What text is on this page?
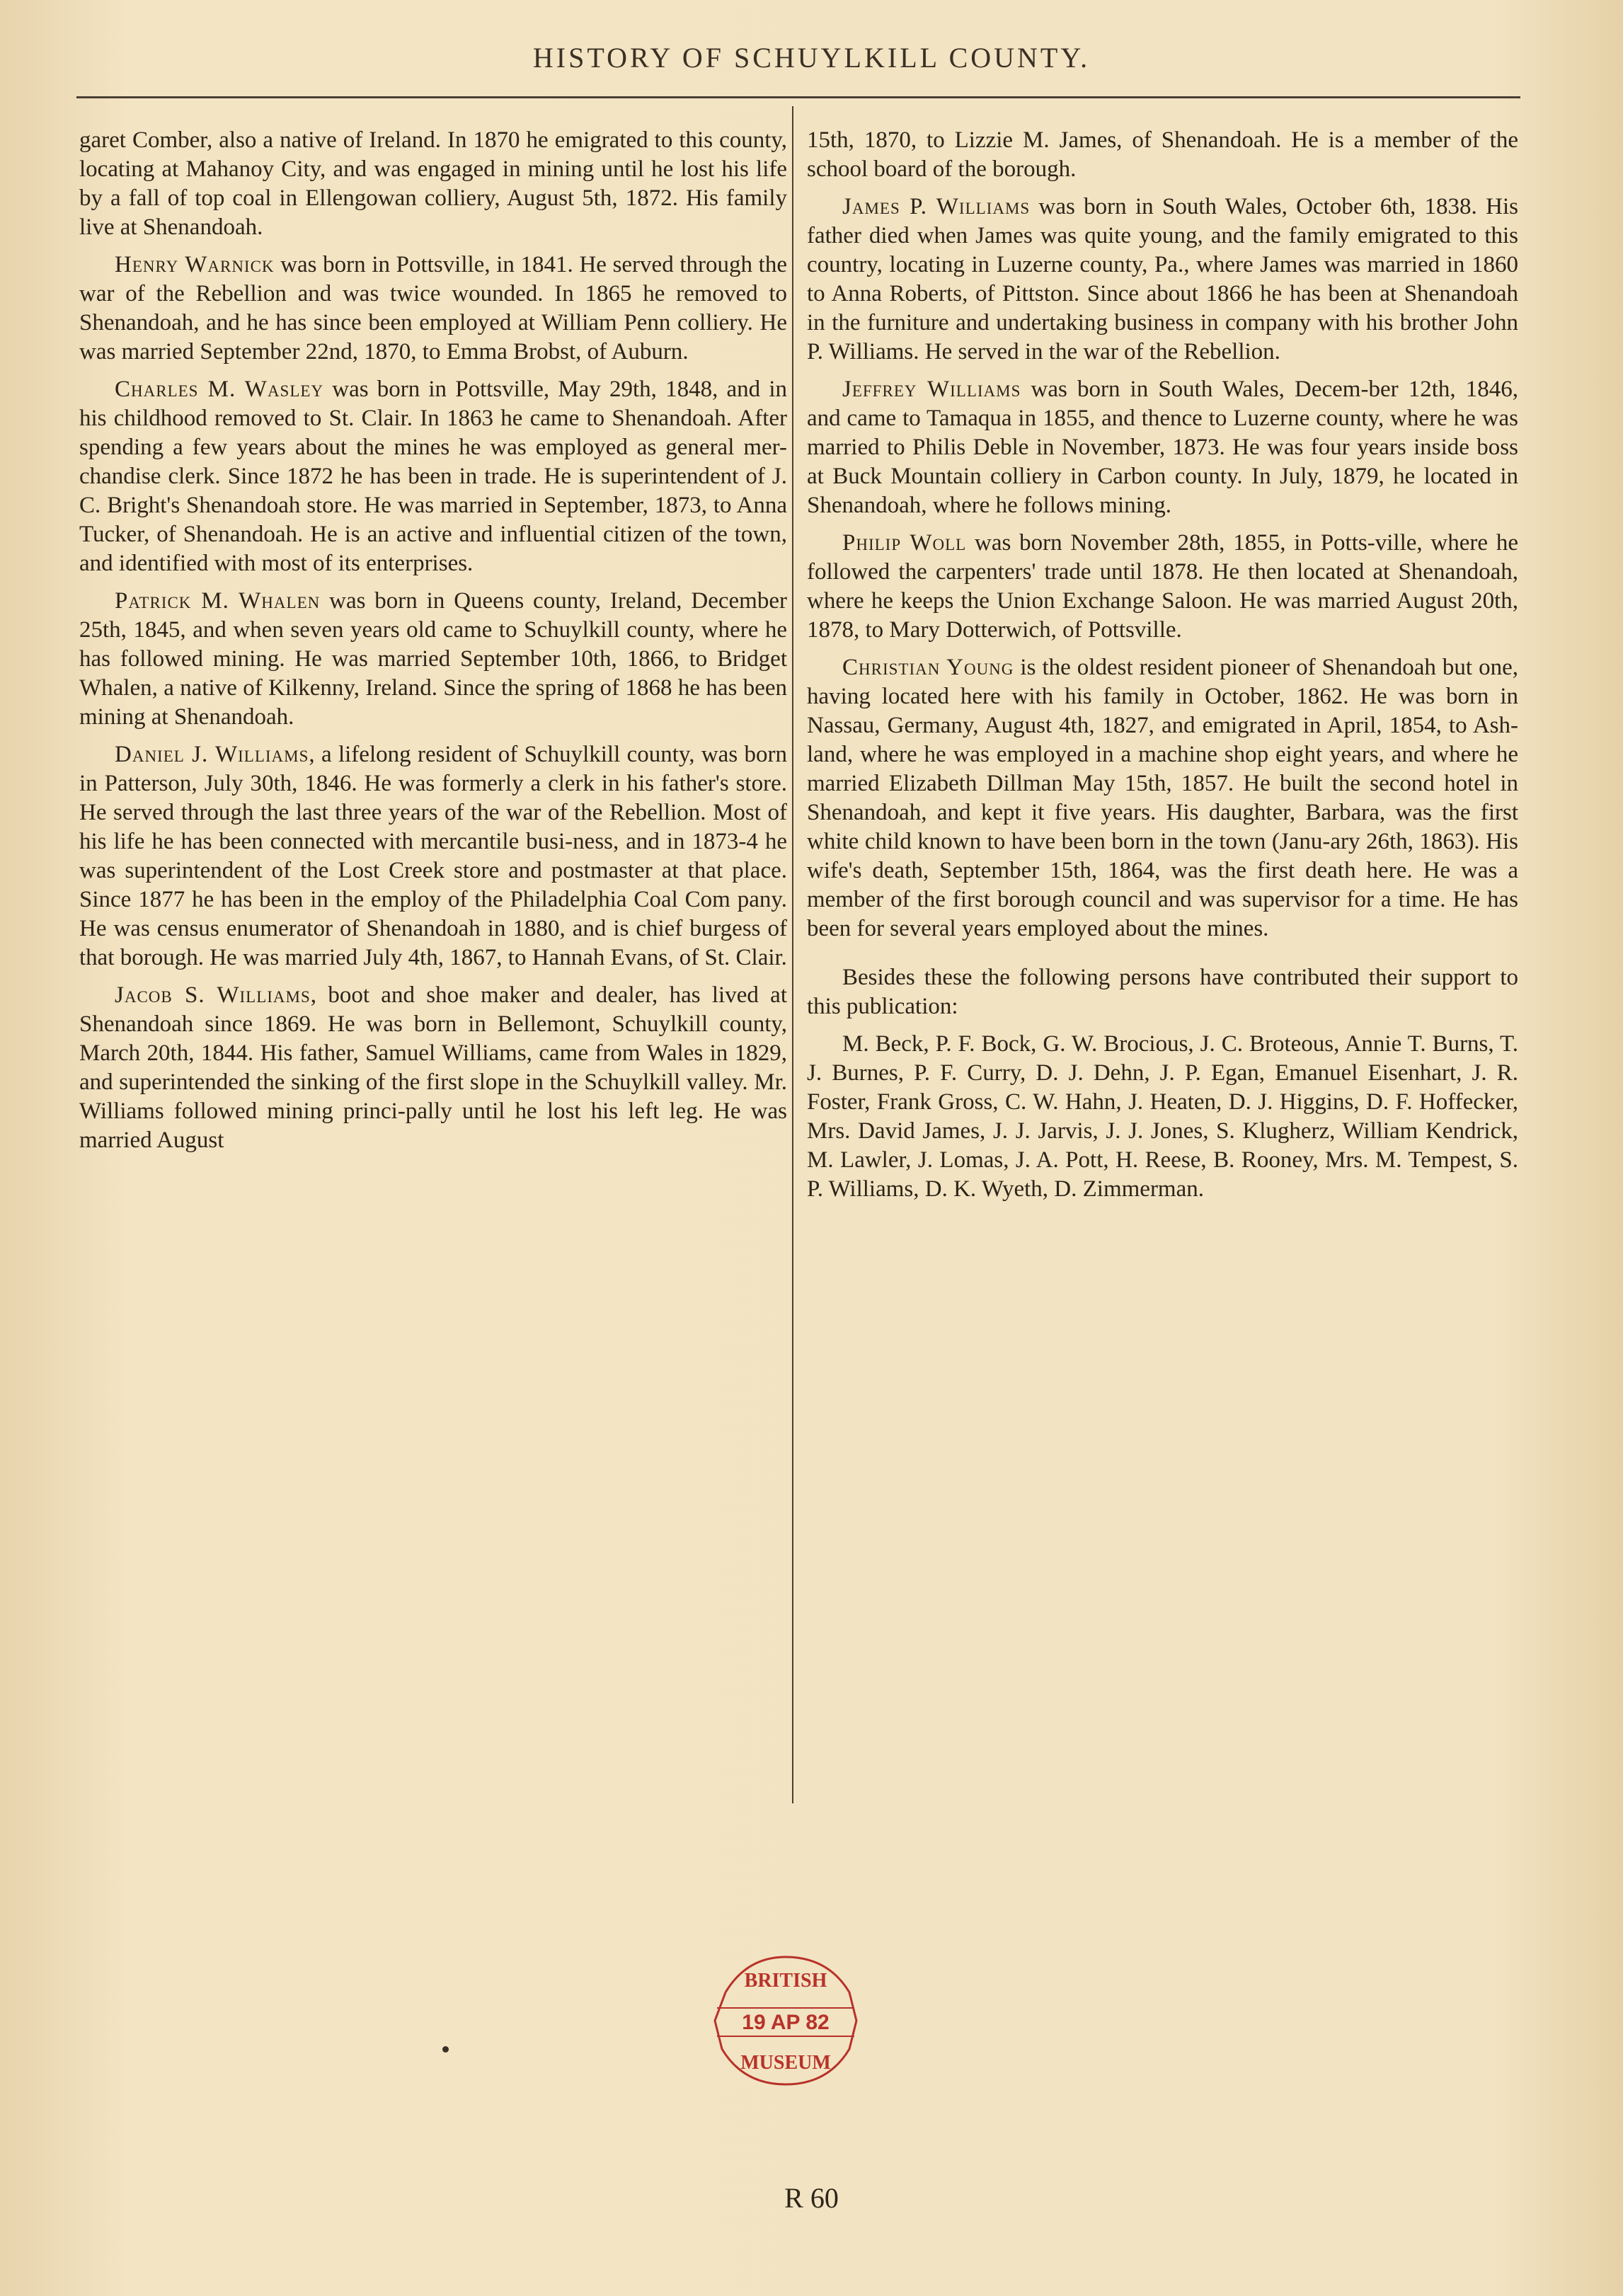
HISTORY OF SCHUYLKILL COUNTY.

garet Comber, also a native of Ireland. In 1870 he emigrated to this county, locating at Mahanoy City, and was engaged in mining until he lost his life by a fall of top coal in Ellengowan colliery, August 5th, 1872. His family live at Shenandoah.

Henry Warnick was born in Pottsville, in 1841. He served through the war of the Rebellion and was twice wounded. In 1865 he removed to Shenandoah, and he has since been employed at William Penn colliery. He was married September 22nd, 1870, to Emma Brobst, of Auburn.

Charles M. Wasley was born in Pottsville, May 29th, 1848, and in his childhood removed to St. Clair. In 1863 he came to Shenandoah. After spending a few years about the mines he was employed as general mer-chandise clerk. Since 1872 he has been in trade. He is superintendent of J. C. Bright's Shenandoah store. He was married in September, 1873, to Anna Tucker, of Shenandoah. He is an active and influential citizen of the town, and identified with most of its enterprises.

Patrick M. Whalen was born in Queens county, Ireland, December 25th, 1845, and when seven years old came to Schuylkill county, where he has followed mining. He was married September 10th, 1866, to Bridget Whalen, a native of Kilkenny, Ireland. Since the spring of 1868 he has been mining at Shenandoah.

Daniel J. Williams, a lifelong resident of Schuylkill county, was born in Patterson, July 30th, 1846. He was formerly a clerk in his father's store. He served through the last three years of the war of the Rebellion. Most of his life he has been connected with mercantile busi-ness, and in 1873-4 he was superintendent of the Lost Creek store and postmaster at that place. Since 1877 he has been in the employ of the Philadelphia Coal Com pany. He was census enumerator of Shenandoah in 1880, and is chief burgess of that borough. He was married July 4th, 1867, to Hannah Evans, of St. Clair.

Jacob S. Williams, boot and shoe maker and dealer, has lived at Shenandoah since 1869. He was born in Bellemont, Schuylkill county, March 20th, 1844. His father, Samuel Williams, came from Wales in 1829, and superintended the sinking of the first slope in the Schuylkill valley. Mr. Williams followed mining princi-pally until he lost his left leg. He was married August

15th, 1870, to Lizzie M. James, of Shenandoah. He is a member of the school board of the borough.

James P. Williams was born in South Wales, October 6th, 1838. His father died when James was quite young, and the family emigrated to this country, locating in Luzerne county, Pa., where James was married in 1860 to Anna Roberts, of Pittston. Since about 1866 he has been at Shenandoah in the furniture and undertaking business in company with his brother John P. Williams. He served in the war of the Rebellion.

Jeffrey Williams was born in South Wales, Decem-ber 12th, 1846, and came to Tamaqua in 1855, and thence to Luzerne county, where he was married to Philis Deble in November, 1873. He was four years inside boss at Buck Mountain colliery in Carbon county. In July, 1879, he located in Shenandoah, where he follows mining.

Philip Woll was born November 28th, 1855, in Potts-ville, where he followed the carpenters' trade until 1878. He then located at Shenandoah, where he keeps the Union Exchange Saloon. He was married August 20th, 1878, to Mary Dotterwich, of Pottsville.

Christian Young is the oldest resident pioneer of Shenandoah but one, having located here with his family in October, 1862. He was born in Nassau, Germany, August 4th, 1827, and emigrated in April, 1854, to Ash-land, where he was employed in a machine shop eight years, and where he married Elizabeth Dillman May 15th, 1857. He built the second hotel in Shenandoah, and kept it five years. His daughter, Barbara, was the first white child known to have been born in the town (Janu-ary 26th, 1863). His wife's death, September 15th, 1864, was the first death here. He was a member of the first borough council and was supervisor for a time. He has been for several years employed about the mines.

Besides these the following persons have contributed their support to this publication:

M. Beck, P. F. Bock, G. W. Brocious, J. C. Broteous, Annie T. Burns, T. J. Burnes, P. F. Curry, D. J. Dehn, J. P. Egan, Emanuel Eisenhart, J. R. Foster, Frank Gross, C. W. Hahn, J. Heaten, D. J. Higgins, D. F. Hoffecker, Mrs. David James, J. J. Jarvis, J. J. Jones, S. Klugherz, William Kendrick, M. Lawler, J. Lomas, J. A. Pott, H. Reese, B. Rooney, Mrs. M. Tempest, S. P. Williams, D. K. Wyeth, D. Zimmerman.

BRITISH
19 AP 82
MUSEUM
R 60
